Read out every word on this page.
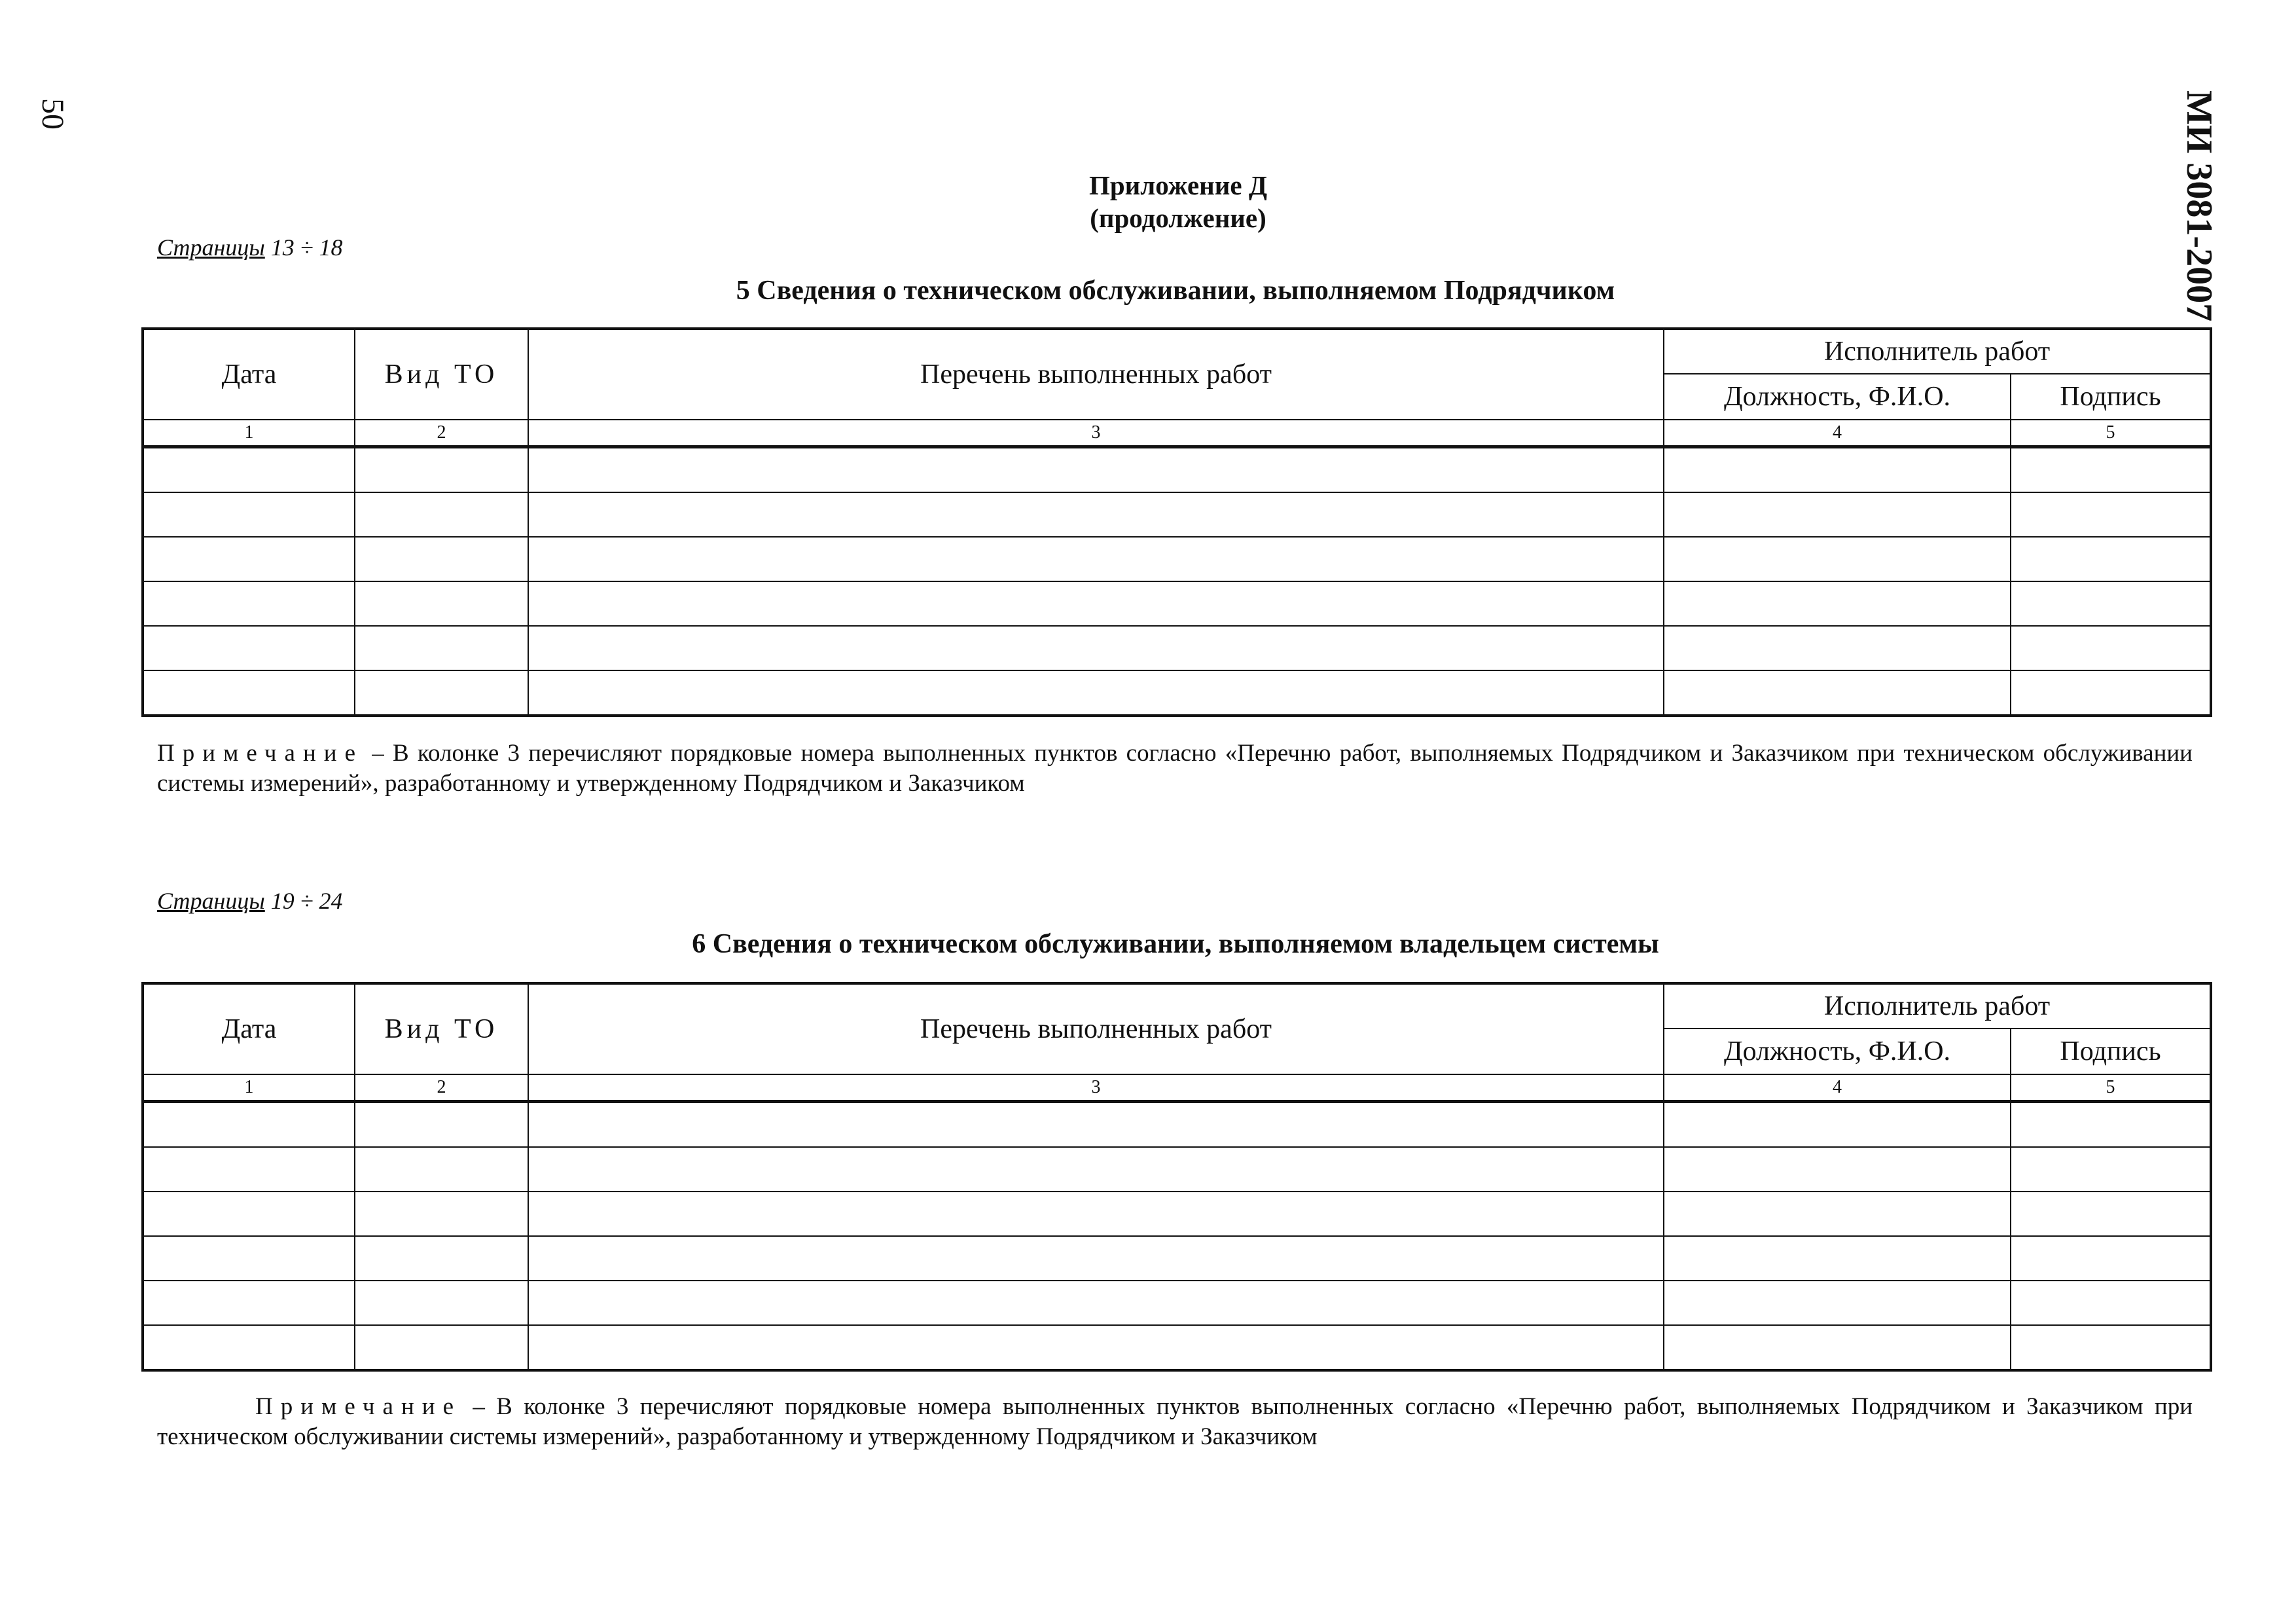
50	МИ 3081-2007
Приложение Д
(продолжение)
Страницы 13 ÷ 18
5 Сведения о техническом обслуживании, выполняемом Подрядчиком
Дата	Вид ТО	Перечень выполненных работ	Исполнитель работ	
			Должность, Ф.И.О.	Подпись
1	2	3	4	5

Примечание – В колонке 3 перечисляют порядковые номера выполненных пунктов согласно «Перечню работ, выполняемых Подрядчиком и Заказчиком при техническом обслуживании системы измерений», разработанному и утвержденному Подрядчиком и Заказчиком
Страницы 19 ÷ 24
6 Сведения о техническом обслуживании, выполняемом владельцем системы
Дата	Вид ТО	Перечень выполненных работ	Исполнитель работ	
			Должность, Ф.И.О.	Подпись
1	2	3	4	5

Примечание – В колонке 3 перечисляют порядковые номера выполненных пунктов выполненных согласно «Перечню работ, выполняемых Подрядчиком и Заказчиком при техническом обслуживании системы измерений», разработанному и утвержденному Подрядчиком и Заказчиком
